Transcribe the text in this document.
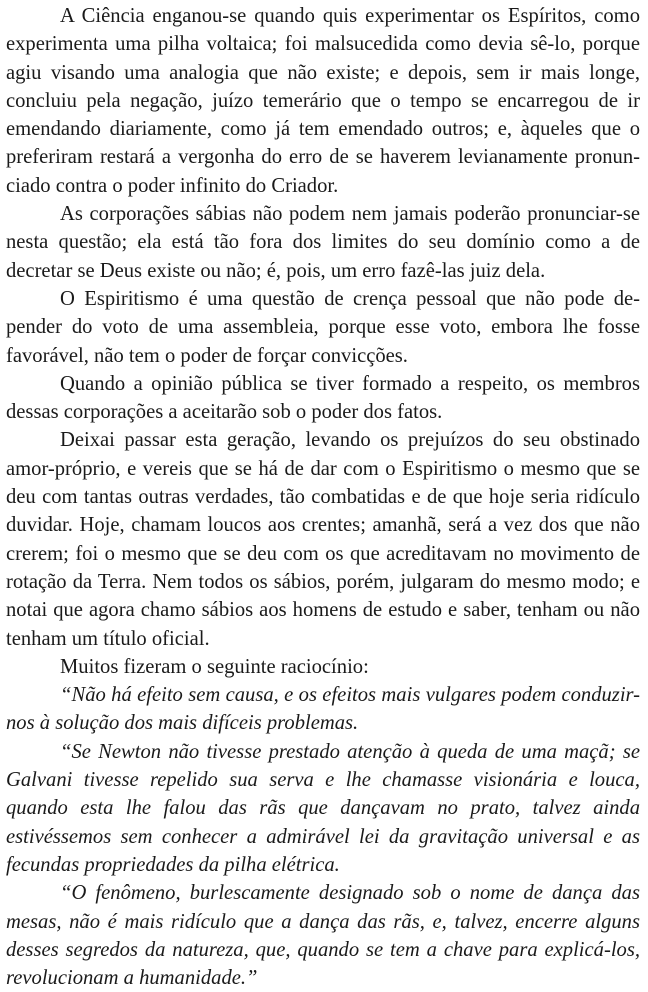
A Ciência enganou-se quando quis experimentar os Espíritos, como experimenta uma pilha voltaica; foi malsucedida como devia sê-lo, porque agiu visando uma analogia que não existe; e depois, sem ir mais longe, concluiu pela negação, juízo temerário que o tempo se encarregou de ir emendando diariamente, como já tem emendado outros; e, àqueles que o preferiram restará a vergonha do erro de se haverem levianamente pronunciado contra o poder infinito do Criador.

As corporações sábias não podem nem jamais poderão pronunciar-se nesta questão; ela está tão fora dos limites do seu domínio como a de decretar se Deus existe ou não; é, pois, um erro fazê-las juiz dela.

O Espiritismo é uma questão de crença pessoal que não pode depender do voto de uma assembleia, porque esse voto, embora lhe fosse favorável, não tem o poder de forçar convicções.

Quando a opinião pública se tiver formado a respeito, os membros dessas corporações a aceitarão sob o poder dos fatos.

Deixai passar esta geração, levando os prejuízos do seu obstinado amor-próprio, e vereis que se há de dar com o Espiritismo o mesmo que se deu com tantas outras verdades, tão combatidas e de que hoje seria ridículo duvidar. Hoje, chamam loucos aos crentes; amanhã, será a vez dos que não crerem; foi o mesmo que se deu com os que acreditavam no movimento de rotação da Terra. Nem todos os sábios, porém, julgaram do mesmo modo; e notai que agora chamo sábios aos homens de estudo e saber, tenham ou não tenham um título oficial.

Muitos fizeram o seguinte raciocínio:

“Não há efeito sem causa, e os efeitos mais vulgares podem conduzir-nos à solução dos mais difíceis problemas.

“Se Newton não tivesse prestado atenção à queda de uma maçã; se Galvani tivesse repelido sua serva e lhe chamasse visionária e louca, quando esta lhe falou das rãs que dançavam no prato, talvez ainda estivéssemos sem conhecer a admirável lei da gravitação universal e as fecundas propriedades da pilha elétrica.

“O fenômeno, burlescamente designado sob o nome de dança das mesas, não é mais ridículo que a dança das rãs, e, talvez, encerre alguns desses segredos da natureza, que, quando se tem a chave para explicá-los, revolucionam a humanidade.”
